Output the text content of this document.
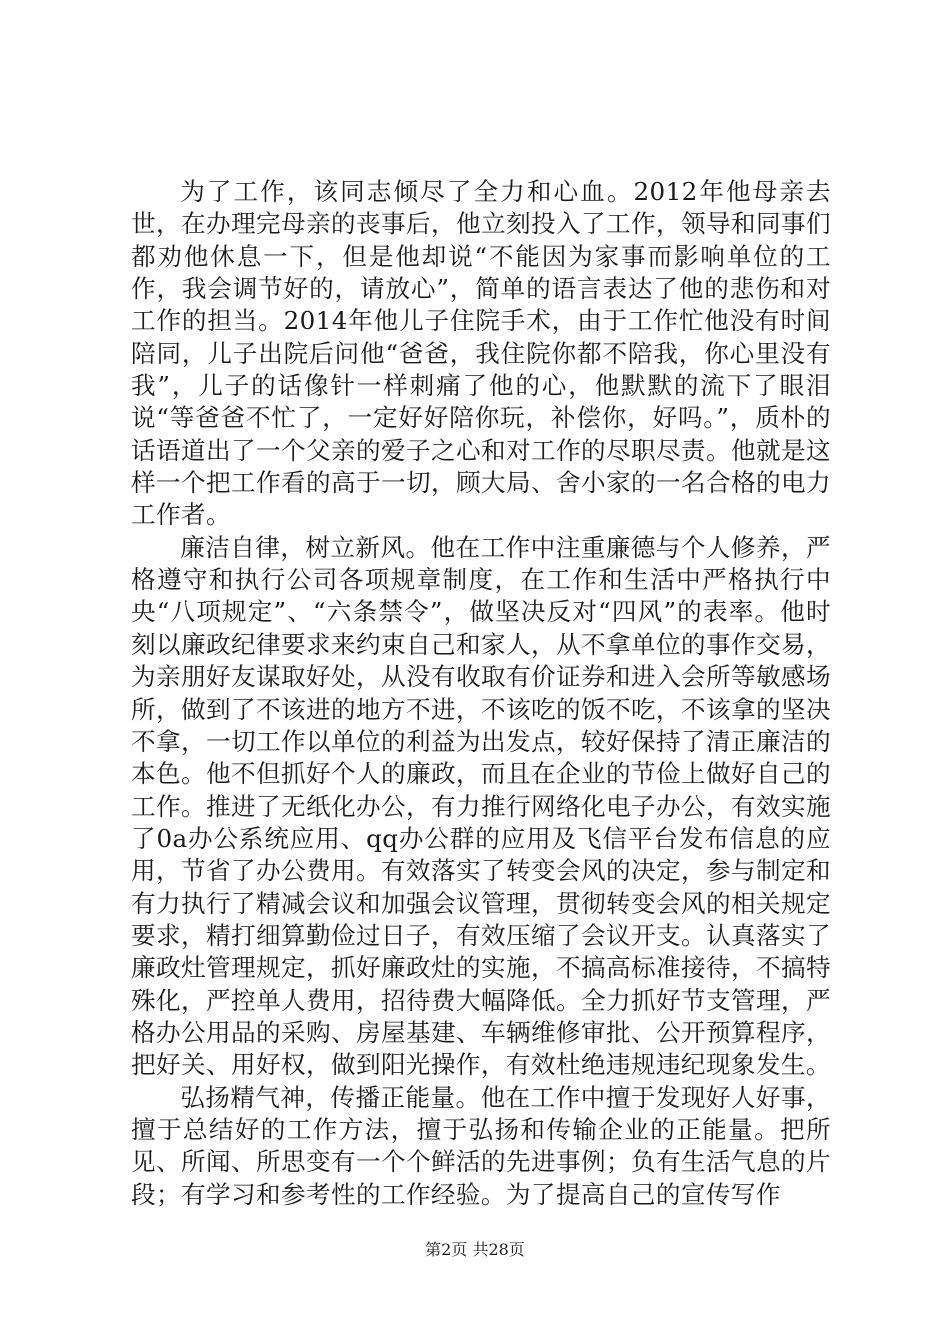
为了工作，该同志倾尽了全力和心血。2012年他母亲去世，在办理完母亲的丧事后，他立刻投入了工作，领导和同事们都劝他休息一下，但是他却说“不能因为家事而影响单位的工作，我会调节好的，请放心”，简单的语言表达了他的悲伤和对工作的担当。2014年他儿子住院手术，由于工作忙他没有时间陪同，儿子出院后问他“爸爸，我住院你都不陪我，你心里没有我”，儿子的话像针一样刺痛了他的心，他默默的流下了眼泪说“等爸爸不忙了，一定好好陪你玩，补偿你，好吗。”，质朴的话语道出了一个父亲的爱子之心和对工作的尽职尽责。他就是这样一个把工作看的高于一切，顾大局、舍小家的一名合格的电力工作者。

廉洁自律，树立新风。他在工作中注重廉德与个人修养，严格遵守和执行公司各项规章制度，在工作和生活中严格执行中央“八项规定”、“六条禁令”，做坚决反对“四风”的表率。他时刻以廉政纪律要求来约束自己和家人，从不拿单位的事作交易，为亲朋好友谋取好处，从没有收取有价证券和进入会所等敏感场所，做到了不该进的地方不进，不该吃的饭不吃，不该拿的坚决不拿，一切工作以单位的利益为出发点，较好保持了清正廉洁的本色。他不但抓好个人的廉政，而且在企业的节俭上做好自己的工作。推进了无纸化办公，有力推行网络化电子办公，有效实施了0a办公系统应用、qq办公群的应用及飞信平台发布信息的应用，节省了办公费用。有效落实了转变会风的决定，参与制定和有力执行了精减会议和加强会议管理，贯彻转变会风的相关规定要求，精打细算勤俭过日子，有效压缩了会议开支。认真落实了廉政灶管理规定，抓好廉政灶的实施，不搞高标准接待，不搞特殊化，严控单人费用，招待费大幅降低。全力抓好节支管理，严格办公用品的采购、房屋基建、车辆维修审批、公开预算程序，把好关、用好权，做到阳光操作，有效杜绝违规违纪现象发生。

弘扬精气神，传播正能量。他在工作中擅于发现好人好事，擅于总结好的工作方法，擅于弘扬和传输企业的正能量。把所见、所闻、所思变有一个个鲜活的先进事例；负有生活气息的片段；有学习和参考性的工作经验。为了提高自己的宣传写作

第2页 共28页
